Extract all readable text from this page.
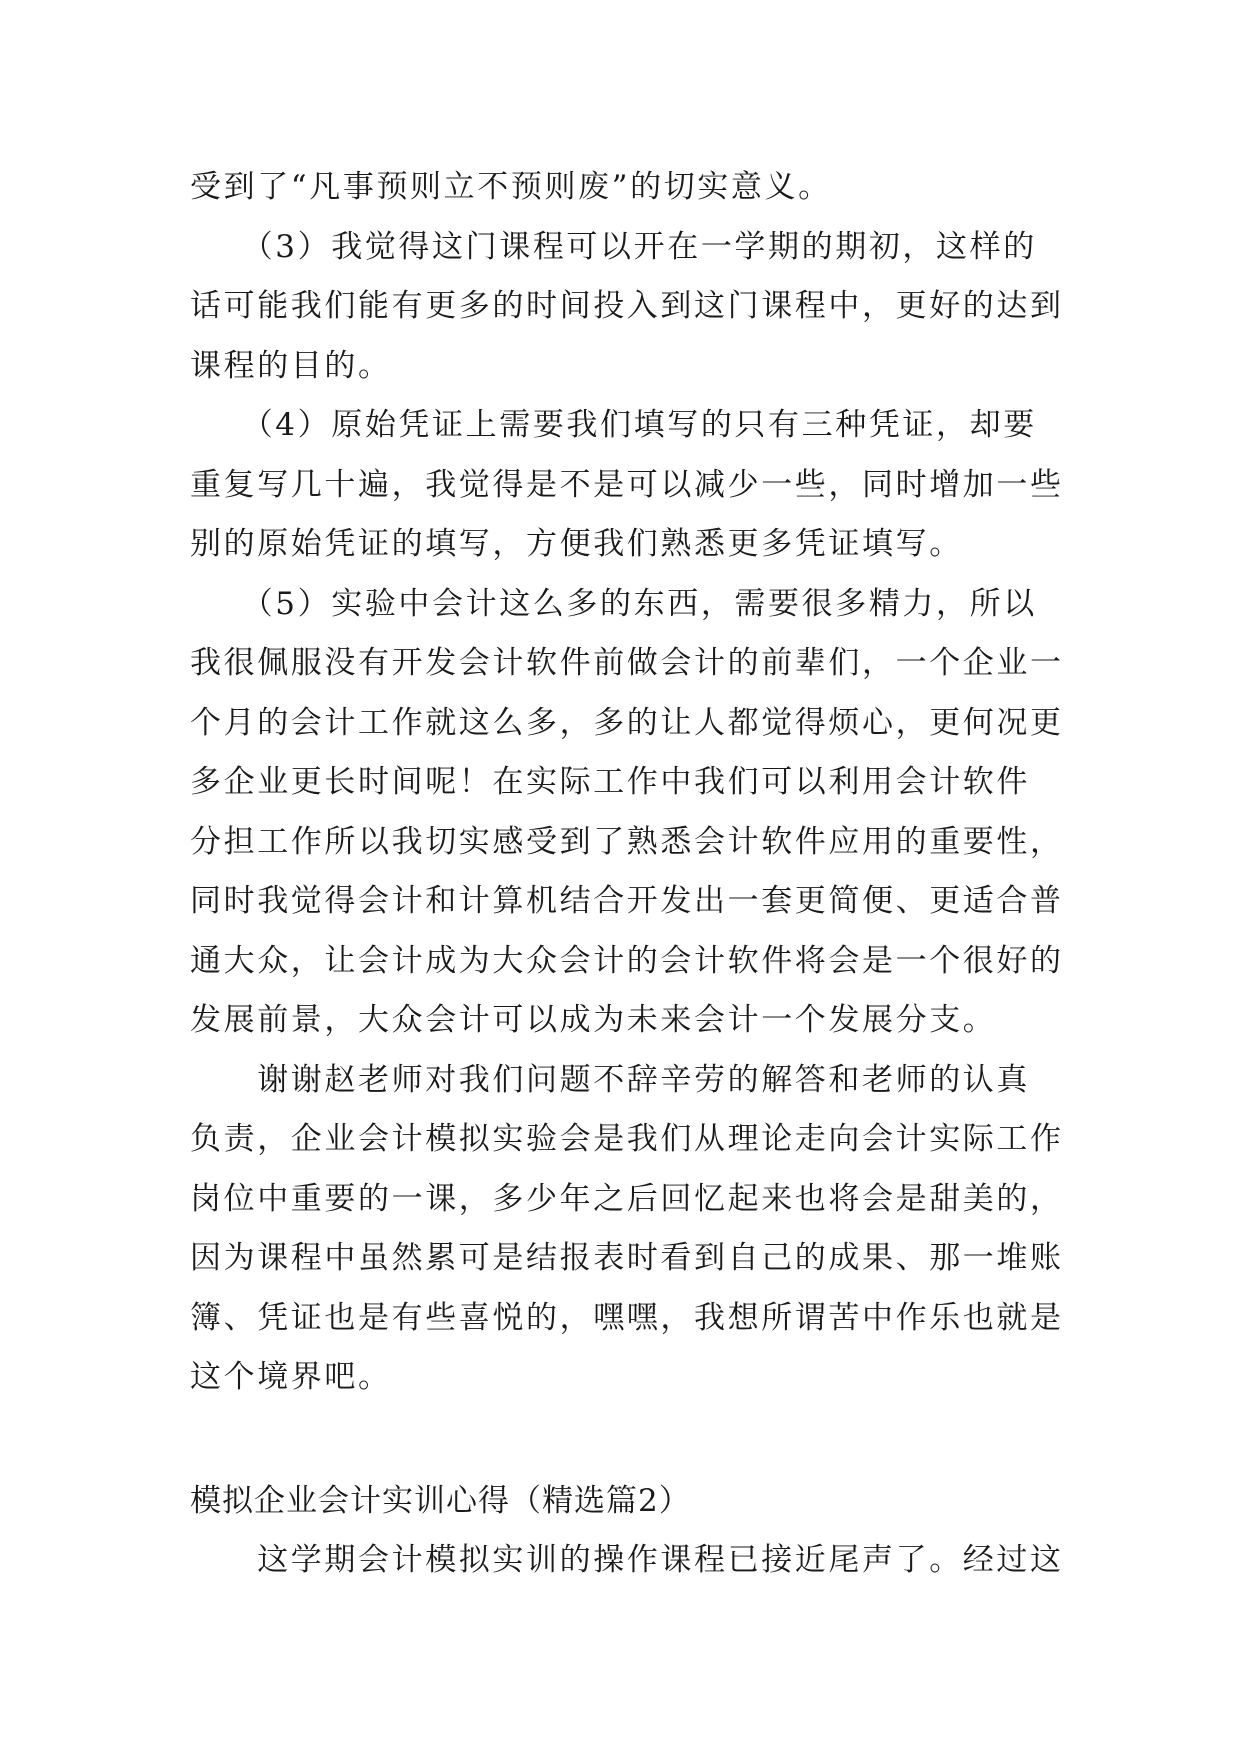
受到了“凡事预则立不预则废”的切实意义。
　　（3）我觉得这门课程可以开在一学期的期初，这样的
话可能我们能有更多的时间投入到这门课程中，更好的达到
课程的目的。
　　（4）原始凭证上需要我们填写的只有三种凭证，却要
重复写几十遍，我觉得是不是可以减少一些，同时增加一些
别的原始凭证的填写，方便我们熟悉更多凭证填写。
　　（5）实验中会计这么多的东西，需要很多精力，所以
我很佩服没有开发会计软件前做会计的前辈们，一个企业一
个月的会计工作就这么多，多的让人都觉得烦心，更何况更
多企业更长时间呢！在实际工作中我们可以利用会计软件
分担工作所以我切实感受到了熟悉会计软件应用的重要性，
同时我觉得会计和计算机结合开发出一套更简便、更适合普
通大众，让会计成为大众会计的会计软件将会是一个很好的
发展前景，大众会计可以成为未来会计一个发展分支。
　　谢谢赵老师对我们问题不辞辛劳的解答和老师的认真
负责，企业会计模拟实验会是我们从理论走向会计实际工作
岗位中重要的一课，多少年之后回忆起来也将会是甜美的，
因为课程中虽然累可是结报表时看到自己的成果、那一堆账
簿、凭证也是有些喜悦的，嘿嘿，我想所谓苦中作乐也就是
这个境界吧。
模拟企业会计实训心得（精选篇2）
　　这学期会计模拟实训的操作课程已接近尾声了。经过这
